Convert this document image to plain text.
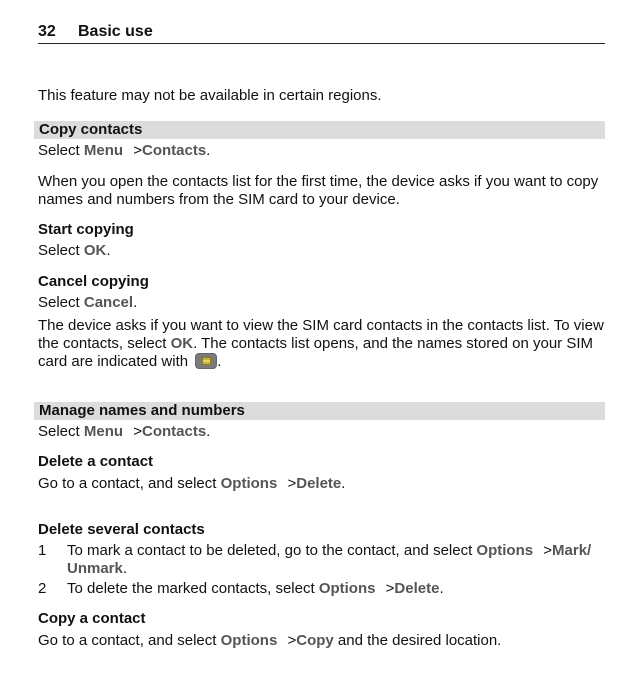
32 Basic use
This feature may not be available in certain regions.
Copy contacts
Select Menu >Contacts.
When you open the contacts list for the first time, the device asks if you want to copy names and numbers from the SIM card to your device.
Start copying
Select OK.
Cancel copying
Select Cancel.
The device asks if you want to view the SIM card contacts in the contacts list. To view the contacts, select OK. The contacts list opens, and the names stored on your SIM card are indicated with .
Manage names and numbers
Select Menu >Contacts.
Delete a contact
Go to a contact, and select Options >Delete.
Delete several contacts
1 To mark a contact to be deleted, go to the contact, and select Options >Mark/ Unmark.
2 To delete the marked contacts, select Options >Delete.
Copy a contact
Go to a contact, and select Options >Copy and the desired location.
